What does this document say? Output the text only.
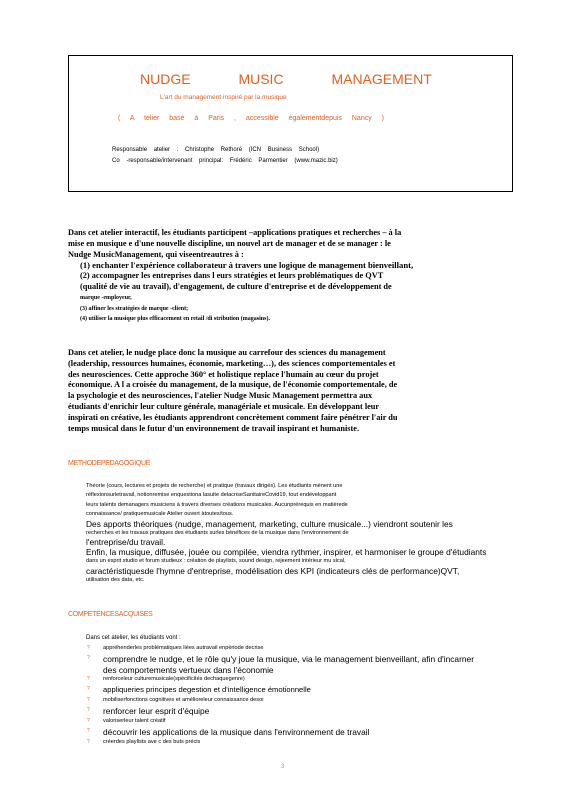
NUDGE MUSIC MANAGEMENT
L'art du management inspiré par la musique
( A telier basé à Paris , accessible égalementdepuis Nancy )
Responsable atelier : Christophe Rethoré (ICN Business School)
Co -responsable/intervenant principal: Frédéric Parmentier (www.mazic.biz)
Dans cet atelier interactif, les étudiants participent –applications pratiques et recherches – à la
mise en musique e d'une nouvelle discipline, un nouvel art de manager et de se manager : le
Nudge MusicManagement, qui viseentreautres à :
(1) enchanter l'expérience collaborateur à travers une logique de management bienveillant,
(2) accompagner les entreprises dans l eurs stratégies et leurs problématiques de QVT
(qualité de vie au travail), d'engagement, de culture d'entreprise et de développement de
marque -employeur,
(3) affiner les stratégies de marque -client;
(4) utiliser la musique plus efficacement en retail /di stribution (magasins).
Dans cet atelier, le nudge place donc la musique au carrefour des sciences du management
(leadership, ressources humaines, économie, marketing…), des sciences comportementales et
des neurosciences. Cette approche 360° et holistique replace l'humain au cœur du projet
économique. A l a croisée du management, de la musique, de l'économie comportementale, de
la psychologie et des neurosciences, l'atelier Nudge Music Management permettra aux
étudiants d'enrichir leur culture générale, managériale et musicale. En développant leur
inspirati on créative, les étudiants apprendront concrètement comment faire pénétrer l'air du
temps musical dans le futur d'un environnement de travail inspirant et humaniste.
METHODEPEDAGOGIQUE
Théorie (cours, lectures et projets de recherche) et pratique (travaux dirigés). Les étudiants mènent une
réflexionsurletravail, notionremise enquestiona lasuite delacriseSanitaireCovid19, tout endéveloppant
leurs talents demanagers musiciens à travers diverses créations musicales. Aucunprérequis en matièrede
connaissance/ pratiquemusicale Atelier ouvert àtoutes/tous.
Des apports théoriques (nudge, management, marketing, culture musicale...) viendront soutenir les
recherches et les travaux pratiques des étudiants surles bénéfices de la musique dans l'environnement de
l'entreprise/du travail.
Enfin, la musique, diffusée, jouée ou compilée, viendra rythmer, inspirer, et harmoniser le groupe d'étudiants
dans un esprit studio et forum studieux : création de playlists, sound design, rejeement intérieur mu sical,
caractéristiquesde l'hymne d'entreprise, modélisation des KPI (indicateurs clés de performance)QVT,
utilisation des data, etc.
COMPETENCESACQUISES
Dans cet atelier, les étudiants vont :
? appréhenderles problématiques liées autravail enpériode decrise
? comprendre le nudge, et le rôle qu'y joue la musique, via le management bienveillant, afin d'incarner
des comportements vertueux dans l'économie
? renforceleur culturemusicale(spécificités dechaquegenre)
? appliqueries principes degestion et d'intelligence émotionnelle
? mobiliserfonctions cognitives et amélioreleur connaissance desoi
? renforcer leur esprit d'équipe
? valoriserleur talent créatif
? découvrir les applications de la musique dans l'environnement de travail
? créerdes playlists ave c des buts précis
3
